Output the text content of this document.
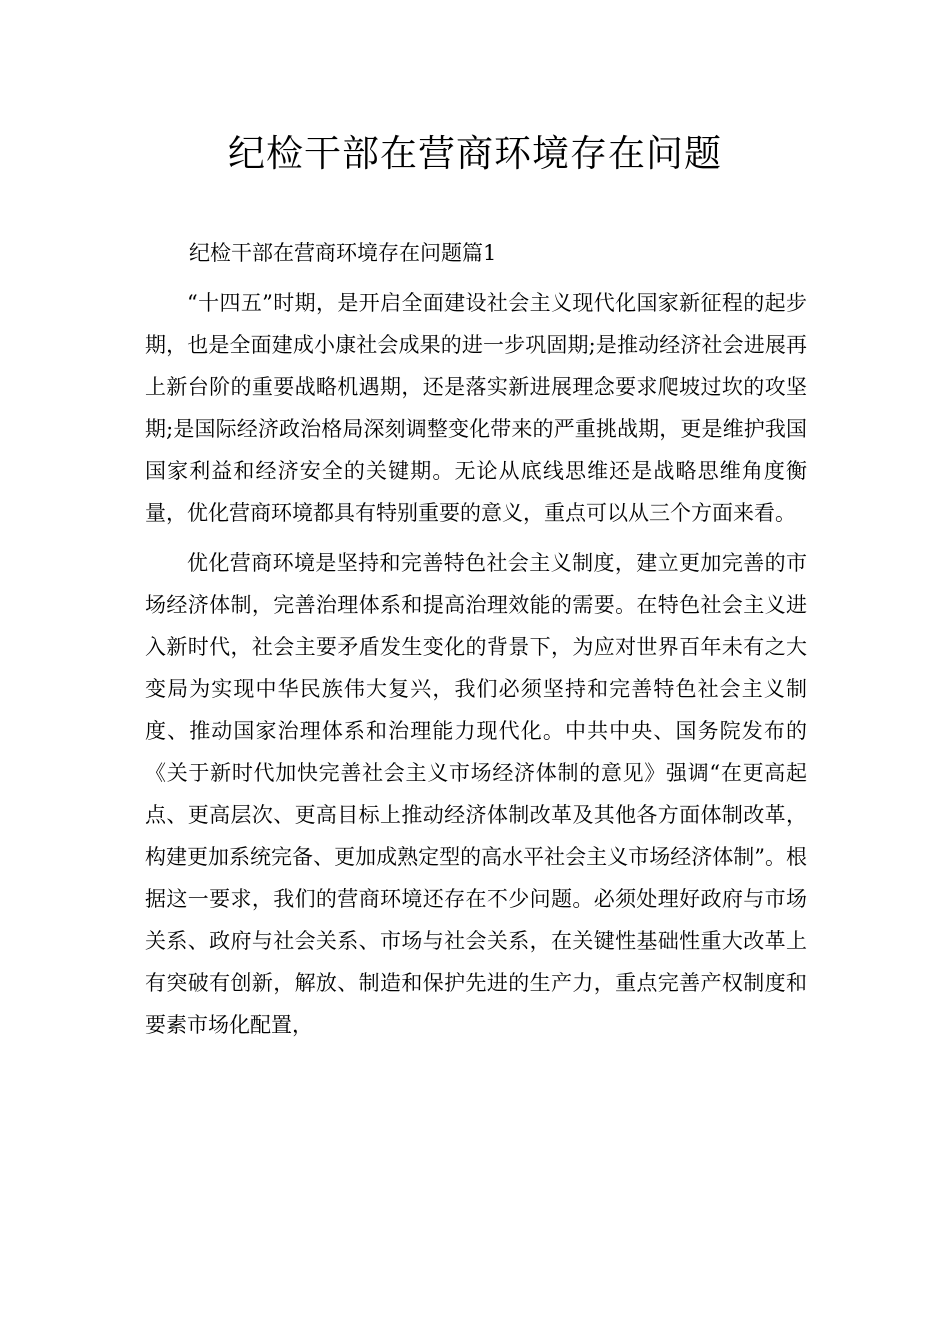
纪检干部在营商环境存在问题

纪检干部在营商环境存在问题篇1

“十四五”时期，是开启全面建设社会主义现代化国家新征程的起步期，也是全面建成小康社会成果的进一步巩固期;是推动经济社会进展再上新台阶的重要战略机遇期，还是落实新进展理念要求爬坡过坎的攻坚期;是国际经济政治格局深刻调整变化带来的严重挑战期，更是维护我国国家利益和经济安全的关键期。无论从底线思维还是战略思维角度衡量，优化营商环境都具有特别重要的意义，重点可以从三个方面来看。

优化营商环境是坚持和完善特色社会主义制度，建立更加完善的市场经济体制，完善治理体系和提高治理效能的需要。在特色社会主义进入新时代，社会主要矛盾发生变化的背景下，为应对世界百年未有之大变局为实现中华民族伟大复兴，我们必须坚持和完善特色社会主义制度、推动国家治理体系和治理能力现代化。中共中央、国务院发布的《关于新时代加快完善社会主义市场经济体制的意见》强调“在更高起点、更高层次、更高目标上推动经济体制改革及其他各方面体制改革，构建更加系统完备、更加成熟定型的高水平社会主义市场经济体制”。根据这一要求，我们的营商环境还存在不少问题。必须处理好政府与市场关系、政府与社会关系、市场与社会关系，在关键性基础性重大改革上有突破有创新，解放、制造和保护先进的生产力，重点完善产权制度和要素市场化配置，
